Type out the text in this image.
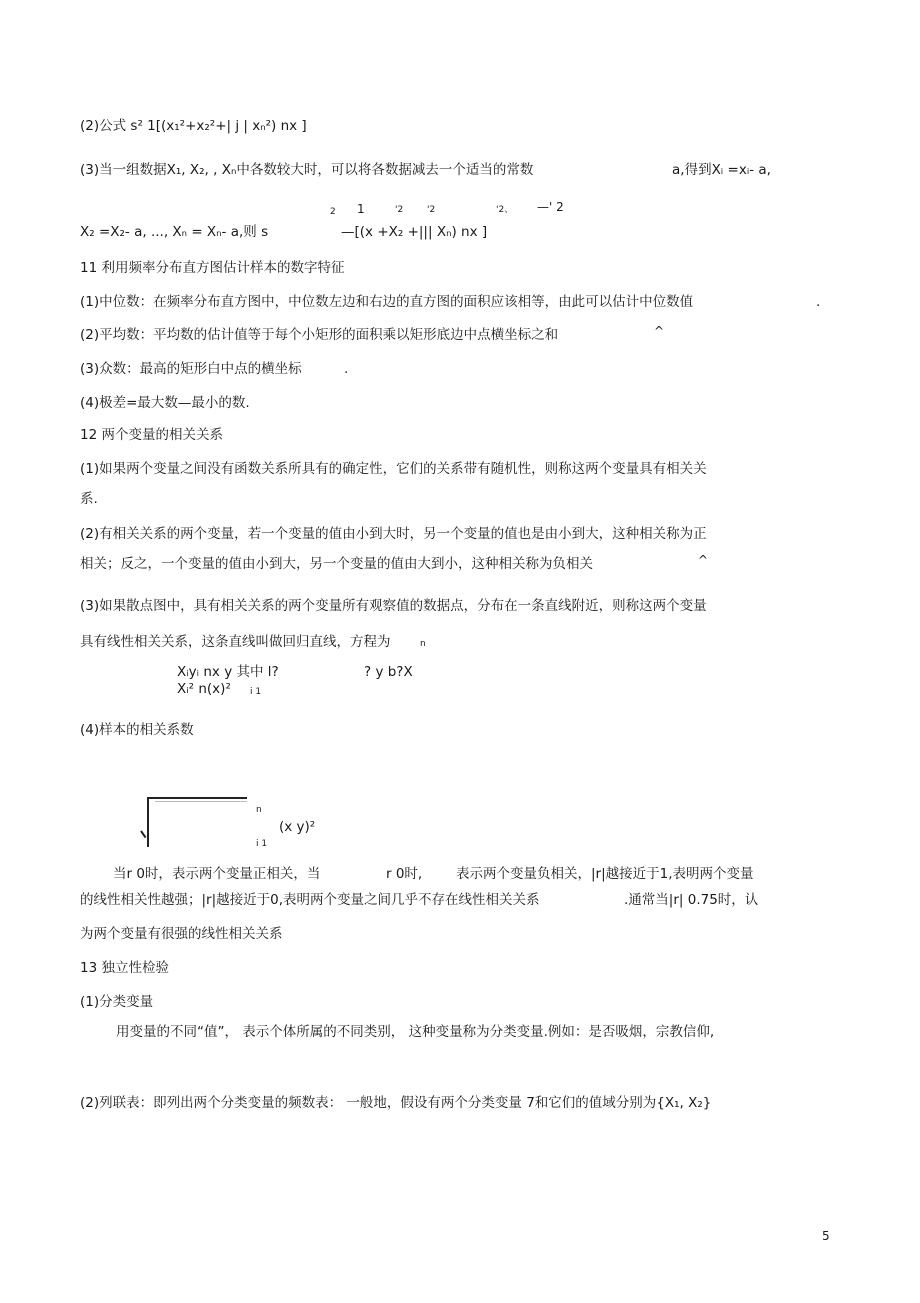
(2)公式 s² 1[(x₁²+x₂²+| j | xₙ²) nx ]
(3)当一组数据X₁, X₂, , Xₙ中各数较大时，可以将各数据减去一个适当的常数	a,得到Xᵢ =xᵢ- a,
2 1	'2	'2	'2、 —' 2
X₂ =X₂- a, ..., Xₙ = Xₙ- a,则 s	—[(x +X₂ +||| Xₙ) nx ]
11 利用频率分布直方图估计样本的数字特征
(1)中位数：在频率分布直方图中，中位数左边和右边的直方图的面积应该相等，由此可以估计中位数值	.
(2)平均数：平均数的估计值等于每个小矩形的面积乘以矩形底边中点横坐标之和	^
(3)众数：最高的矩形白中点的横坐标	.
(4)极差=最大数—最小的数.
12 两个变量的相关关系
(1)如果两个变量之间没有函数关系所具有的确定性，它们的关系带有随机性，则称这两个变量具有相关关
系.
(2)有相关关系的两个变量，若一个变量的值由小到大时，另一个变量的值也是由小到大，这种相关称为正
相关；反之，一个变量的值由小到大，另一个变量的值由大到小，这种相关称为负相关	^
(3)如果散点图中，具有相关关系的两个变量所有观察值的数据点，分布在一条直线附近，则称这两个变量
具有线性相关关系，这条直线叫做回归直线，方程为	n
Xᵢyᵢ nx y 其中 l?	? y b?X
Xᵢ² n(x)² i 1
(4)样本的相关系数
n
(x y)²
i 1
当r 0时，表示两个变量正相关，当	r 0时,	表示两个变量负相关，|r|越接近于1,表明两个变量
的线性相关性越强；|r|越接近于0,表明两个变量之间几乎不存在线性相关关系	.通常当|r| 0.75时，认
为两个变量有很强的线性相关关系
13 独立性检验
(1)分类变量
用变量的不同“值”， 表示个体所属的不同类别， 这种变量称为分类变量.例如：是否吸烟，宗教信仰,
(2)列联表：即列出两个分类变量的频数表： 一般地，假设有两个分类变量 7和它们的值域分别为{X₁, X₂}
5
